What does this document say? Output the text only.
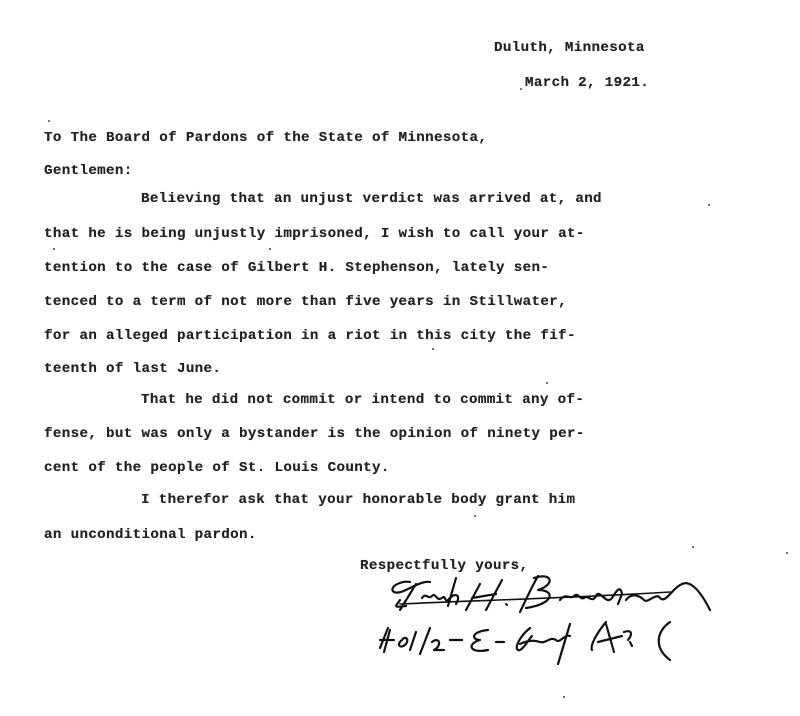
Duluth, Minnesota
March 2, 1921.
To The Board of Pardons of the State of Minnesota,
Gentlemen:
Believing that an unjust verdict was arrived at, and
that he is being unjustly imprisoned, I wish to call your at-
tention to the case of Gilbert H. Stephenson, lately sen-
tenced to a term of not more than five years in Stillwater,
for an alleged participation in a riot in this city the fif-
teenth of last June.
That he did not commit or intend to commit any of-
fense, but was only a bystander is the opinion of ninety per-
cent of the people of St. Louis County.
I therefor ask that your honorable body grant him
an unconditional pardon.
Respectfully yours,
